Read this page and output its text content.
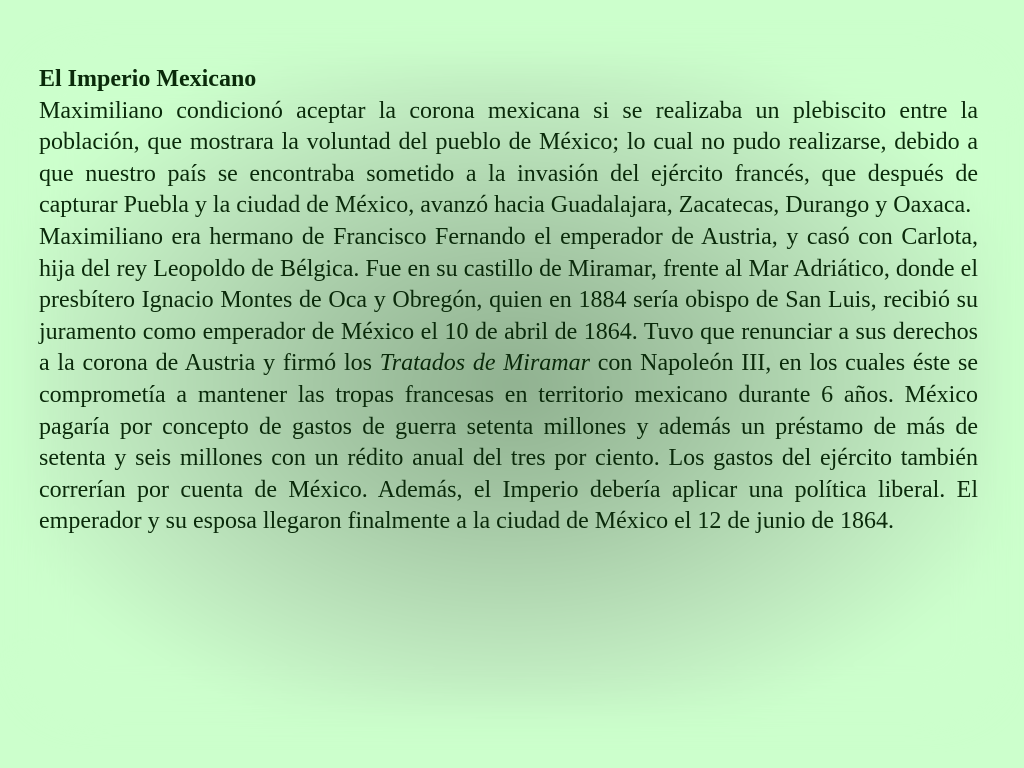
El Imperio Mexicano

Maximiliano condicionó aceptar la corona mexicana si se realizaba un plebiscito entre la población, que mostrara la voluntad del pueblo de México; lo cual no pudo realizarse, debido a que nuestro país se encontraba sometido a la invasión del ejército francés, que después de capturar Puebla y la ciudad de México, avanzó hacia Guadalajara, Zacatecas, Durango y Oaxaca.

Maximiliano era hermano de Francisco Fernando el emperador de Austria, y casó con Carlota, hija del rey Leopoldo de Bélgica. Fue en su castillo de Miramar, frente al Mar Adriático, donde el presbítero Ignacio Montes de Oca y Obregón, quien en 1884 sería obispo de San Luis, recibió su juramento como emperador de México el 10 de abril de 1864. Tuvo que renunciar a sus derechos a la corona de Austria y firmó los Tratados de Miramar con Napoleón III, en los cuales éste se comprometía a mantener las tropas francesas en territorio mexicano durante 6 años. México pagaría por concepto de gastos de guerra setenta millones y además un préstamo de más de setenta y seis millones con un rédito anual del tres por ciento. Los gastos del ejército también correrían por cuenta de México. Además, el Imperio debería aplicar una política liberal. El emperador y su esposa llegaron finalmente a la ciudad de México el 12 de junio de 1864.
